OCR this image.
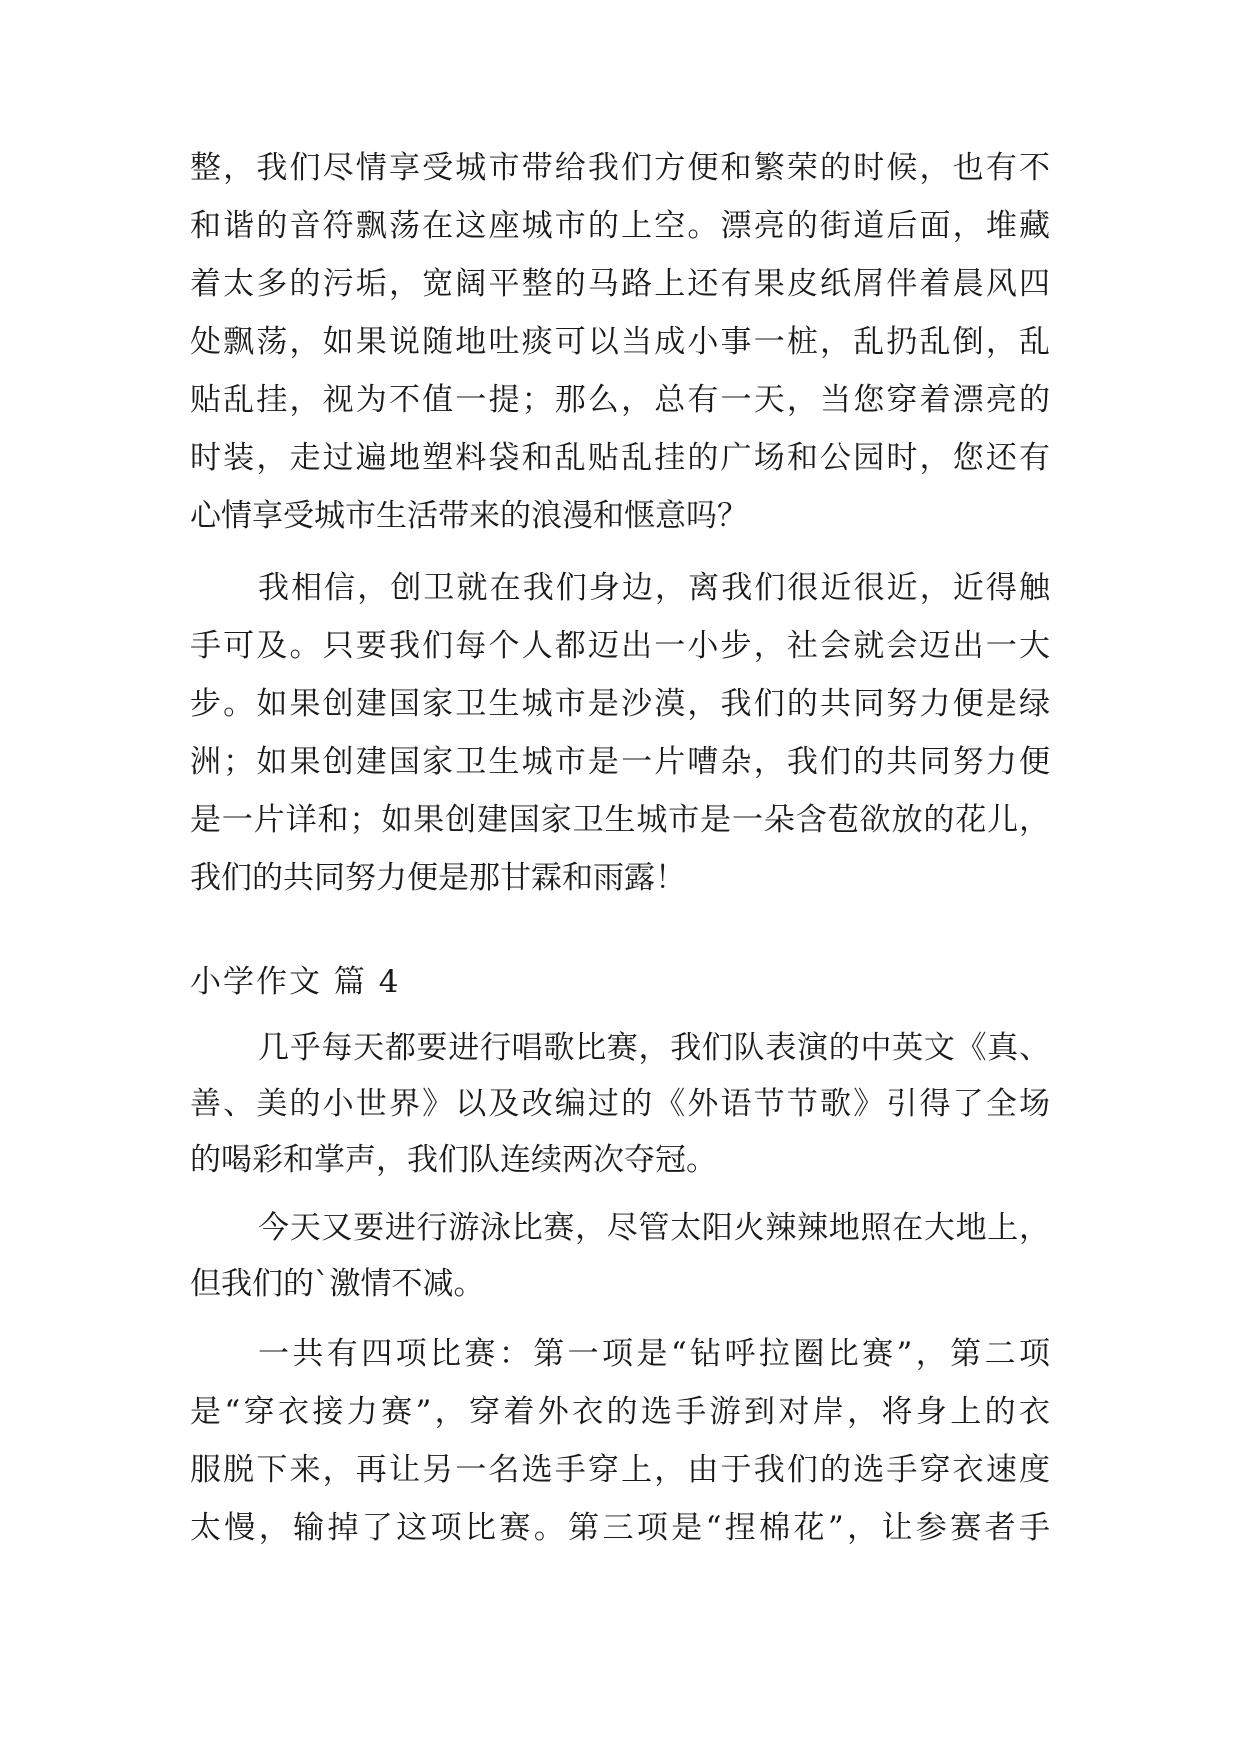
整，我们尽情享受城市带给我们方便和繁荣的时候，也有不
和谐的音符飘荡在这座城市的上空。漂亮的街道后面，堆藏
着太多的污垢，宽阔平整的马路上还有果皮纸屑伴着晨风四
处飘荡，如果说随地吐痰可以当成小事一桩，乱扔乱倒，乱
贴乱挂，视为不值一提；那么，总有一天，当您穿着漂亮的
时装，走过遍地塑料袋和乱贴乱挂的广场和公园时，您还有
心情享受城市生活带来的浪漫和惬意吗？
我相信，创卫就在我们身边，离我们很近很近，近得触
手可及。只要我们每个人都迈出一小步，社会就会迈出一大
步。如果创建国家卫生城市是沙漠，我们的共同努力便是绿
洲；如果创建国家卫生城市是一片嘈杂，我们的共同努力便
是一片详和；如果创建国家卫生城市是一朵含苞欲放的花儿，
我们的共同努力便是那甘霖和雨露！
小学作文 篇 4
几乎每天都要进行唱歌比赛，我们队表演的中英文《真、
善、美的小世界》以及改编过的《外语节节歌》引得了全场
的喝彩和掌声，我们队连续两次夺冠。
今天又要进行游泳比赛，尽管太阳火辣辣地照在大地上，
但我们的`激情不减。
一共有四项比赛：第一项是“钻呼拉圈比赛”，第二项
是“穿衣接力赛”，穿着外衣的选手游到对岸，将身上的衣
服脱下来，再让另一名选手穿上，由于我们的选手穿衣速度
太慢，输掉了这项比赛。第三项是“捏棉花”，让参赛者手
